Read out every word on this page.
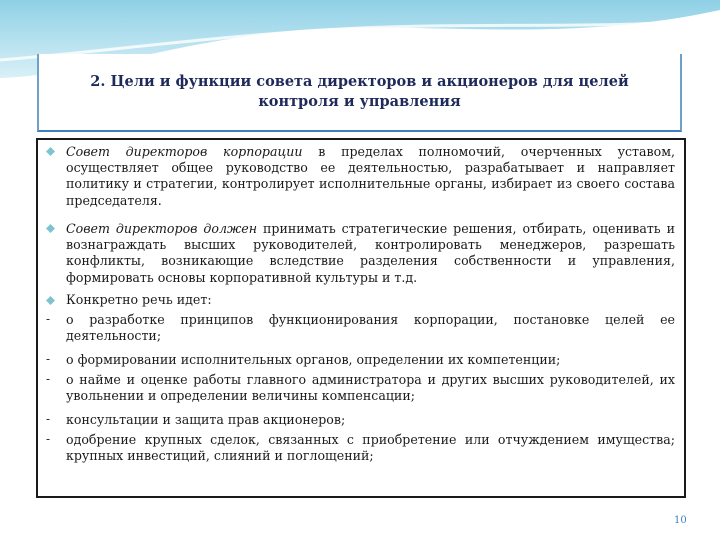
2. Цели и функции совета директоров и акционеров для целей
контроля и управления
Совет директоров корпорации в пределах полномочий, очерченных уставом, осуществляет общее руководство ее деятельностью, разрабатывает и направляет политику и стратегии, контролирует исполнительные органы, избирает из своего состава председателя.
Совет директоров должен принимать стратегические решения, отбирать, оценивать и вознаграждать высших руководителей, контролировать менеджеров, разрешать конфликты, возникающие вследствие разделения собственности и управления, формировать основы корпоративной культуры и т.д.
Конкретно речь идет:
- о разработке принципов функционирования корпорации, постановке целей ее деятельности;
- о формировании исполнительных органов, определении их компетенции;
- о найме и оценке работы главного администратора и других высших руководителей, их увольнении и определении величины компенсации;
- консультации и защита прав акционеров;
- одобрение крупных сделок, связанных с приобретение или отчуждением имущества; крупных инвестиций, слияний и поглощений;
10
